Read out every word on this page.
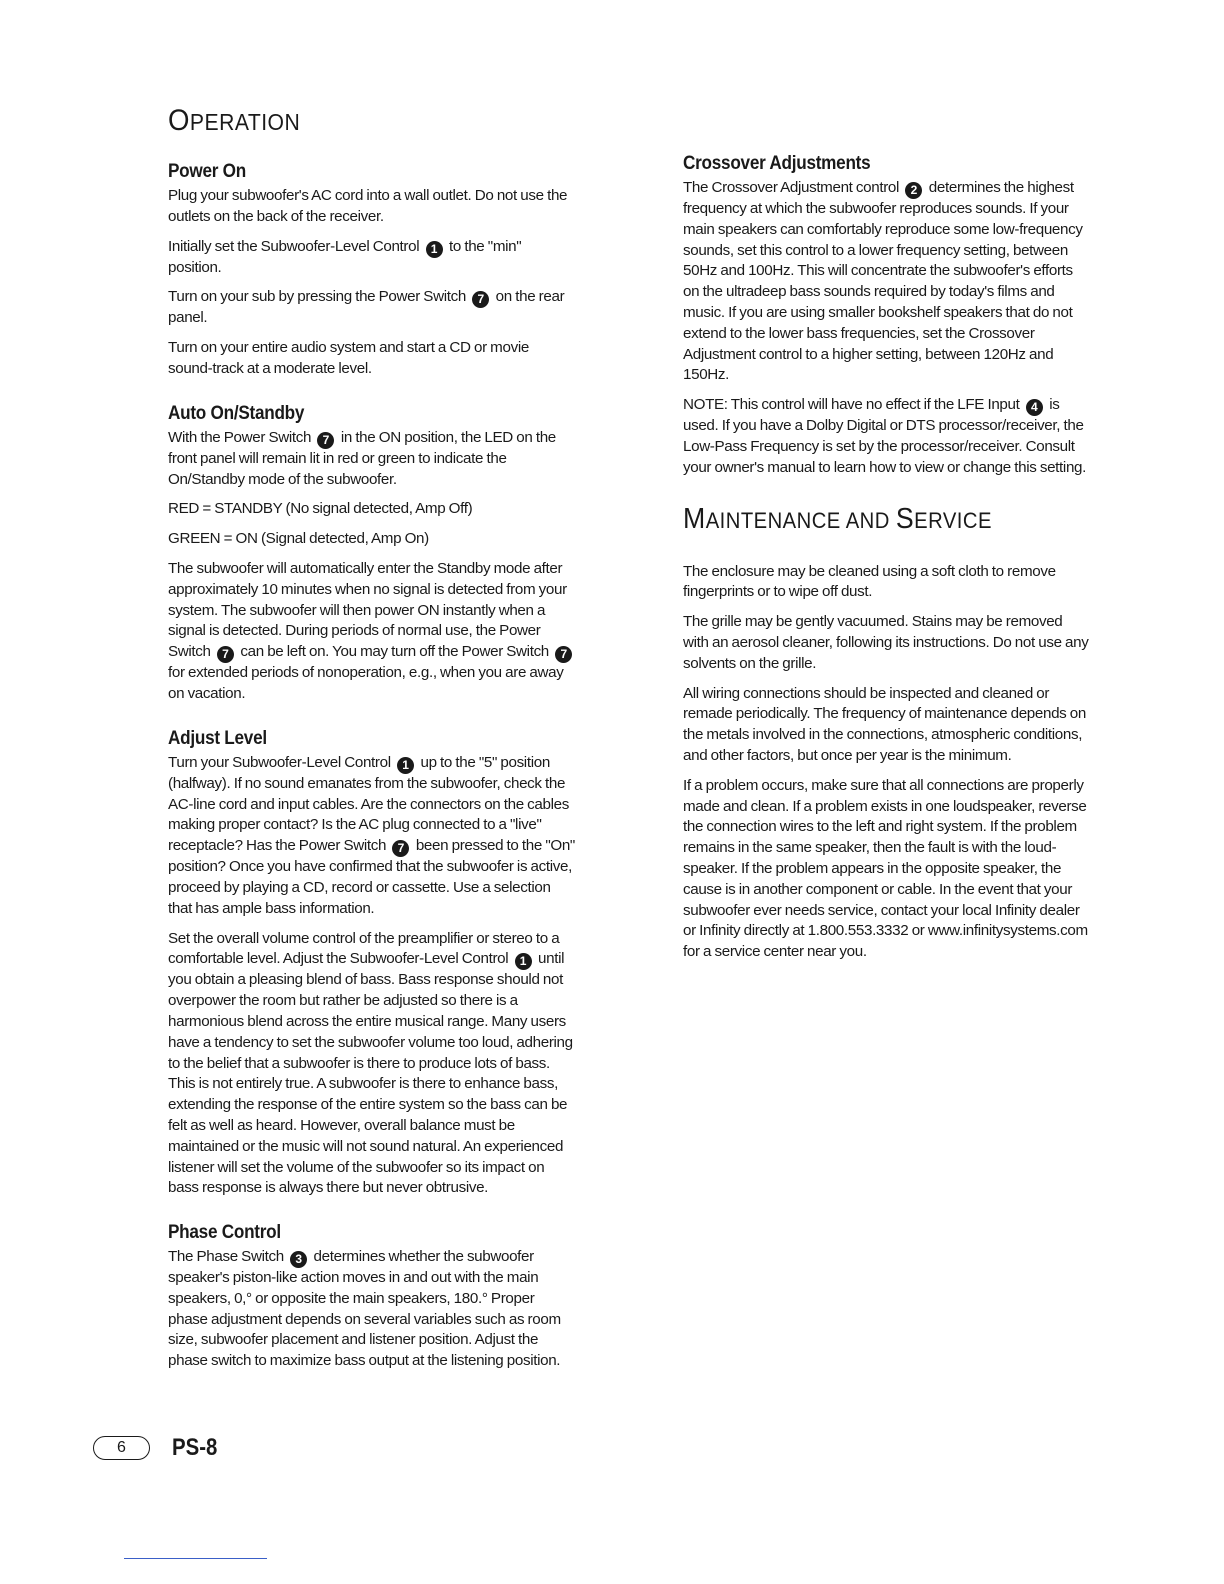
OPERATION
Power On

Plug your subwoofer's AC cord into a wall outlet. Do not use the outlets on the back of the receiver.

Initially set the Subwoofer-Level Control 1 to the "min" position.

Turn on your sub by pressing the Power Switch 7 on the rear panel.

Turn on your entire audio system and start a CD or movie sound-track at a moderate level.

Auto On/Standby

With the Power Switch 7 in the ON position, the LED on the front panel will remain lit in red or green to indicate the On/Standby mode of the subwoofer.

RED = STANDBY (No signal detected, Amp Off)

GREEN = ON (Signal detected, Amp On)

The subwoofer will automatically enter the Standby mode after approximately 10 minutes when no signal is detected from your system. The subwoofer will then power ON instantly when a signal is detected. During periods of normal use, the Power Switch 7 can be left on. You may turn off the Power Switch 7 for extended periods of nonoperation, e.g., when you are away on vacation.

Adjust Level

Turn your Subwoofer-Level Control 1 up to the "5" position (halfway). If no sound emanates from the subwoofer, check the AC-line cord and input cables. Are the connectors on the cables making proper contact? Is the AC plug connected to a "live" receptacle? Has the Power Switch 7 been pressed to the "On" position? Once you have confirmed that the subwoofer is active, proceed by playing a CD, record or cassette. Use a selection that has ample bass information.

Set the overall volume control of the preamplifier or stereo to a comfortable level. Adjust the Subwoofer-Level Control 1 until you obtain a pleasing blend of bass. Bass response should not overpower the room but rather be adjusted so there is a harmonious blend across the entire musical range. Many users have a tendency to set the subwoofer volume too loud, adhering to the belief that a subwoofer is there to produce lots of bass. This is not entirely true. A subwoofer is there to enhance bass, extending the response of the entire system so the bass can be felt as well as heard. However, overall balance must be maintained or the music will not sound natural. An experienced listener will set the volume of the subwoofer so its impact on bass response is always there but never obtrusive.

Phase Control

The Phase Switch 3 determines whether the subwoofer speaker's piston-like action moves in and out with the main speakers, 0,° or opposite the main speakers, 180.° Proper phase adjustment depends on several variables such as room size, subwoofer placement and listener position. Adjust the phase switch to maximize bass output at the listening position.

Crossover Adjustments

The Crossover Adjustment control 2 determines the highest frequency at which the subwoofer reproduces sounds. If your main speakers can comfortably reproduce some low-frequency sounds, set this control to a lower frequency setting, between 50Hz and 100Hz. This will concentrate the subwoofer's efforts on the ultradeep bass sounds required by today's films and music. If you are using smaller bookshelf speakers that do not extend to the lower bass frequencies, set the Crossover Adjustment control to a higher setting, between 120Hz and 150Hz.

NOTE: This control will have no effect if the LFE Input 4 is used. If you have a Dolby Digital or DTS processor/receiver, the Low-Pass Frequency is set by the processor/receiver. Consult your owner's manual to learn how to view or change this setting.

MAINTENANCE AND SERVICE

The enclosure may be cleaned using a soft cloth to remove fingerprints or to wipe off dust.

The grille may be gently vacuumed. Stains may be removed with an aerosol cleaner, following its instructions. Do not use any solvents on the grille.

All wiring connections should be inspected and cleaned or remade periodically. The frequency of maintenance depends on the metals involved in the connections, atmospheric conditions, and other factors, but once per year is the minimum.

If a problem occurs, make sure that all connections are properly made and clean. If a problem exists in one loudspeaker, reverse the connection wires to the left and right system. If the problem remains in the same speaker, then the fault is with the loud-speaker. If the problem appears in the opposite speaker, the cause is in another component or cable. In the event that your subwoofer ever needs service, contact your local Infinity dealer or Infinity directly at 1.800.553.3332 or www.infinitysystems.com for a service center near you.

6	PS-8
